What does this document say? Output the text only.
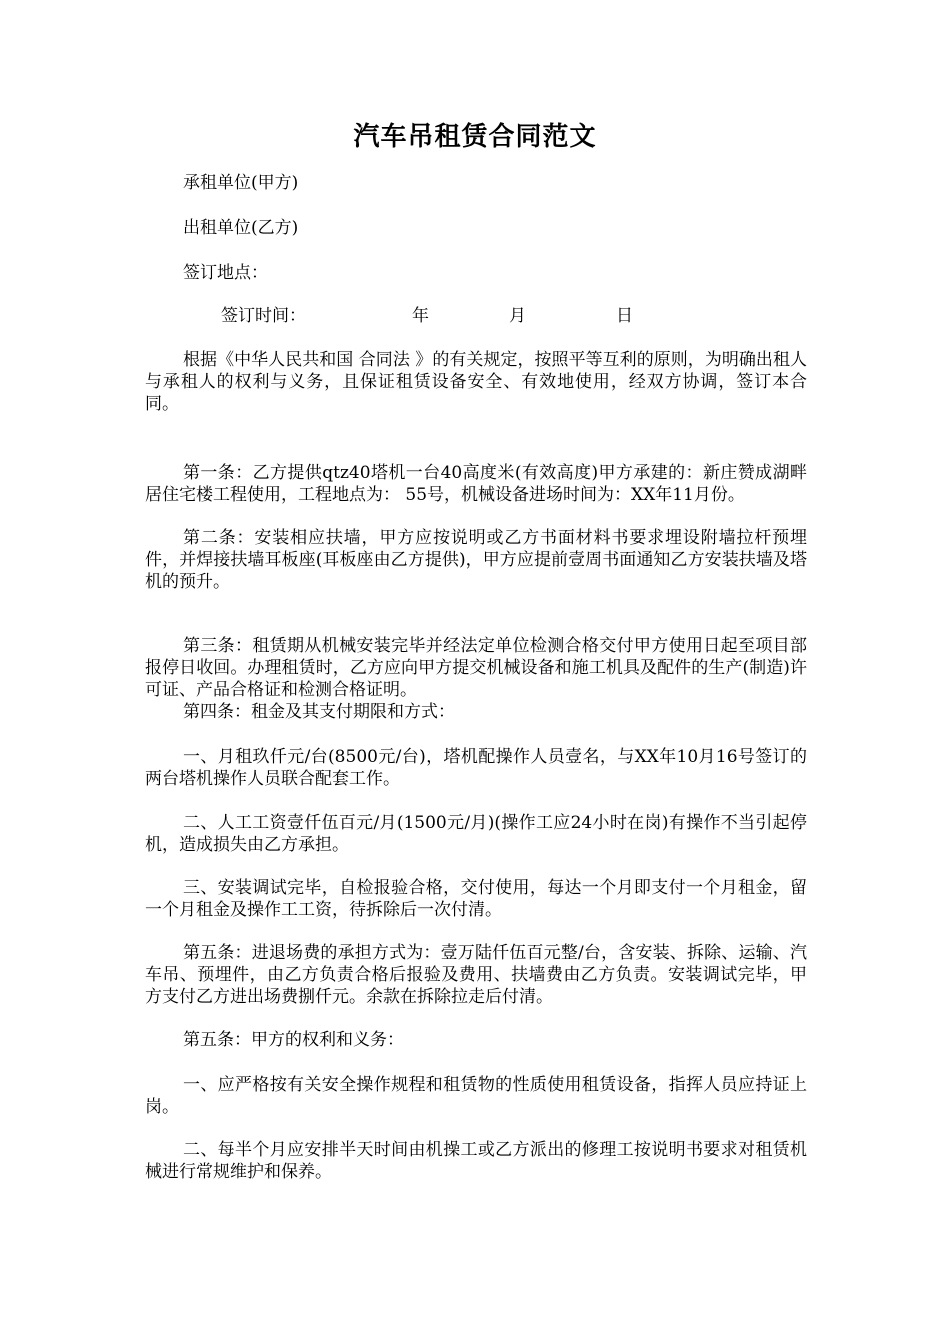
汽车吊租赁合同范文
承租单位(甲方)
出租单位(乙方)
签订地点：
签订时间：	年	月	日
根据《中华人民共和国 合同法 》的有关规定，按照平等互利的原则，为明确出租人与承租人的权利与义务，且保证租赁设备安全、有效地使用，经双方协调，签订本合同。
第一条：乙方提供qtz40塔机一台40高度米(有效高度)甲方承建的：新庄赞成湖畔居住宅楼工程使用，工程地点为： 55号，机械设备进场时间为：XX年11月份。
第二条：安装相应扶墙，甲方应按说明或乙方书面材料书要求埋设附墙拉杆预埋件，并焊接扶墙耳板座(耳板座由乙方提供)，甲方应提前壹周书面通知乙方安装扶墙及塔机的预升。
第三条：租赁期从机械安装完毕并经法定单位检测合格交付甲方使用日起至项目部报停日收回。办理租赁时，乙方应向甲方提交机械设备和施工机具及配件的生产(制造)许可证、产品合格证和检测合格证明。
第四条：租金及其支付期限和方式：
一、月租玖仟元/台(8500元/台)，塔机配操作人员壹名，与XX年10月16号签订的两台塔机操作人员联合配套工作。
二、人工工资壹仟伍百元/月(1500元/月)(操作工应24小时在岗)有操作不当引起停机，造成损失由乙方承担。
三、安装调试完毕，自检报验合格，交付使用，每达一个月即支付一个月租金，留一个月租金及操作工工资，待拆除后一次付清。
第五条：进退场费的承担方式为：壹万陆仟伍百元整/台，含安装、拆除、运输、汽车吊、预埋件，由乙方负责合格后报验及费用、扶墙费由乙方负责。安装调试完毕，甲方支付乙方进出场费捌仟元。余款在拆除拉走后付清。
第五条：甲方的权利和义务：
一、应严格按有关安全操作规程和租赁物的性质使用租赁设备，指挥人员应持证上岗。
二、每半个月应安排半天时间由机操工或乙方派出的修理工按说明书要求对租赁机械进行常规维护和保养。
